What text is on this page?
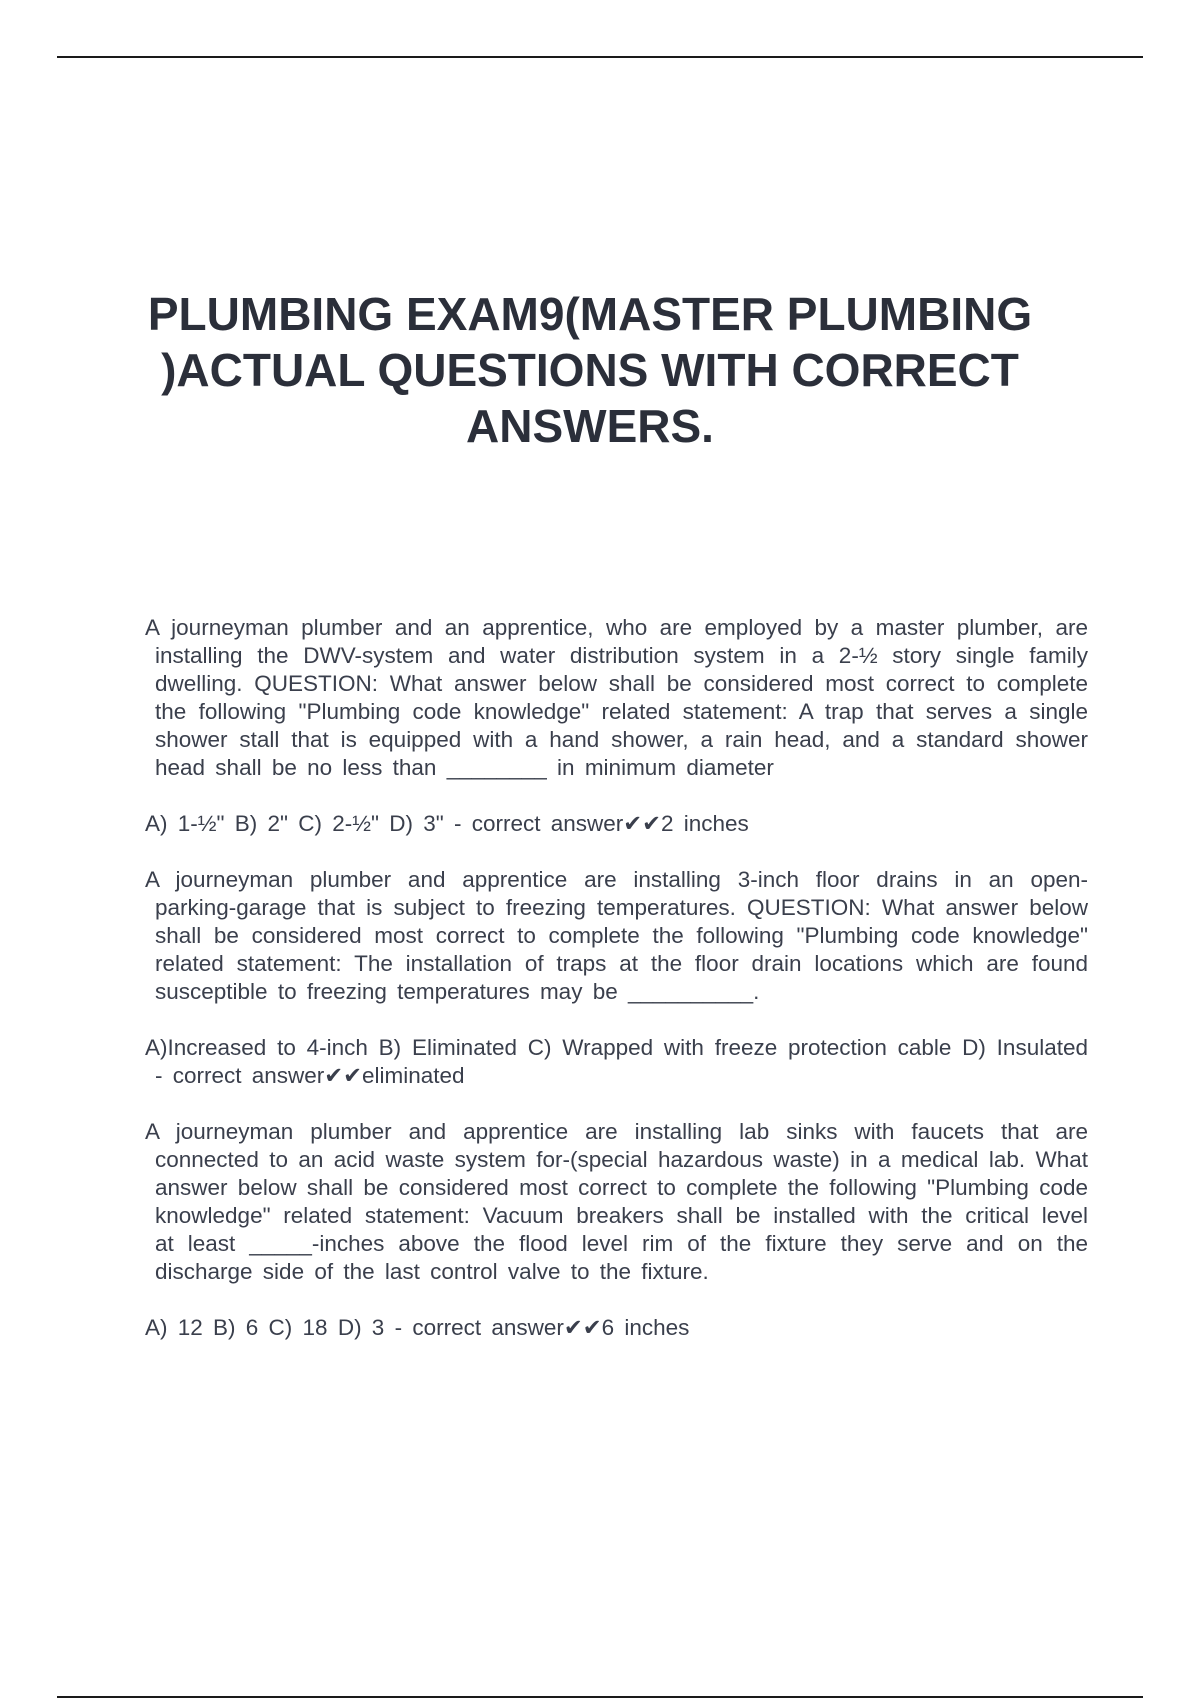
PLUMBING EXAM9(MASTER PLUMBING )ACTUAL QUESTIONS WITH CORRECT ANSWERS.

A journeyman plumber and an apprentice, who are employed by a master plumber, are installing the DWV-system and water distribution system in a 2-½ story single family dwelling. QUESTION: What answer below shall be considered most correct to complete the following "Plumbing code knowledge" related statement: A trap that serves a single shower stall that is equipped with a hand shower, a rain head, and a standard shower head shall be no less than ________ in minimum diameter

A) 1-½" B) 2" C) 2-½" D) 3" - correct answer✔✔2 inches

A journeyman plumber and apprentice are installing 3-inch floor drains in an open-parking-garage that is subject to freezing temperatures. QUESTION: What answer below shall be considered most correct to complete the following "Plumbing code knowledge" related statement: The installation of traps at the floor drain locations which are found susceptible to freezing temperatures may be __________.

A)Increased to 4-inch B) Eliminated C) Wrapped with freeze protection cable D) Insulated - correct answer✔✔eliminated

A journeyman plumber and apprentice are installing lab sinks with faucets that are connected to an acid waste system for-(special hazardous waste) in a medical lab. What answer below shall be considered most correct to complete the following "Plumbing code knowledge" related statement: Vacuum breakers shall be installed with the critical level at least _____-inches above the flood level rim of the fixture they serve and on the discharge side of the last control valve to the fixture.

A) 12 B) 6 C) 18 D) 3 - correct answer✔✔6 inches
